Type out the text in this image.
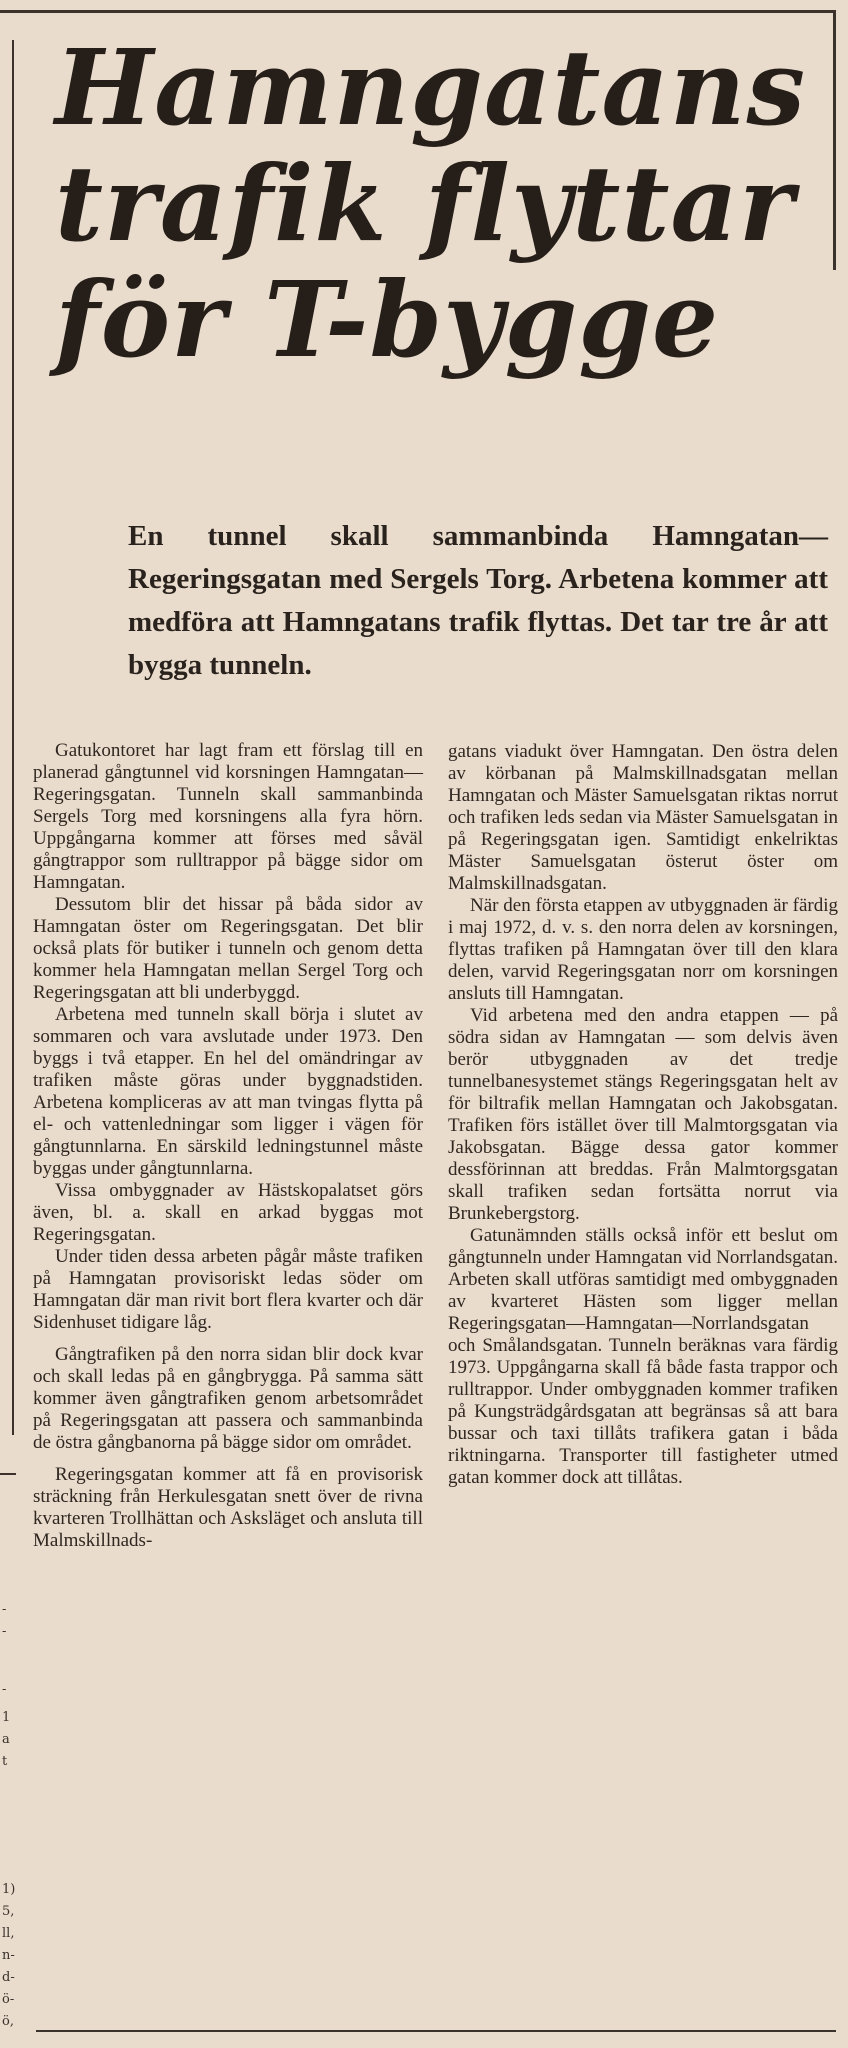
-
-
-
1
a
t
1)
5,
ll,
n-
d-
ö-
ö,
Hamngatans
trafik flyttar
för T-bygge

En tunnel skall sammanbinda Hamngatan—Regeringsgatan med Sergels Torg. Arbetena kommer att medföra att Hamngatans trafik flyttas. Det tar tre år att bygga tunneln.

Gatukontoret har lagt fram ett förslag till en planerad gångtunnel vid korsningen Hamngatan—Regeringsgatan. Tunneln skall sammanbinda Sergels Torg med korsningens alla fyra hörn. Uppgångarna kommer att förses med såväl gångtrappor som rulltrappor på bägge sidor om Hamngatan.

Dessutom blir det hissar på båda sidor av Hamngatan öster om Regeringsgatan. Det blir också plats för butiker i tunneln och genom detta kommer hela Hamngatan mellan Sergel Torg och Regeringsgatan att bli underbyggd.

Arbetena med tunneln skall börja i slutet av sommaren och vara avslutade under 1973. Den byggs i två etapper. En hel del omändringar av trafiken måste göras under byggnadstiden. Arbetena kompliceras av att man tvingas flytta på el- och vattenledningar som ligger i vägen för gångtunnlarna. En särskild ledningstunnel måste byggas under gångtunnlarna.

Vissa ombyggnader av Hästskopalatset görs även, bl. a. skall en arkad byggas mot Regeringsgatan.

Under tiden dessa arbeten pågår måste trafiken på Hamngatan provisoriskt ledas söder om Hamngatan där man rivit bort flera kvarter och där Sidenhuset tidigare låg.

Gångtrafiken på den norra sidan blir dock kvar och skall ledas på en gångbrygga. På samma sätt kommer även gångtrafiken genom arbetsområdet på Regeringsgatan att passera och sammanbinda de östra gångbanorna på bägge sidor om området.

Regeringsgatan kommer att få en provisorisk sträckning från Herkulesgatan snett över de rivna kvarteren Trollhättan och Asksläget och ansluta till Malmskillnads-

gatans viadukt över Hamngatan. Den östra delen av körbanan på Malmskillnadsgatan mellan Hamngatan och Mäster Samuelsgatan riktas norrut och trafiken leds sedan via Mäster Samuelsgatan in på Regeringsgatan igen. Samtidigt enkelriktas Mäster Samuelsgatan österut öster om Malmskillnadsgatan.

När den första etappen av utbyggnaden är färdig i maj 1972, d. v. s. den norra delen av korsningen, flyttas trafiken på Hamngatan över till den klara delen, varvid Regeringsgatan norr om korsningen ansluts till Hamngatan.

Vid arbetena med den andra etappen — på södra sidan av Hamngatan — som delvis även berör utbyggnaden av det tredje tunnelbanesystemet stängs Regeringsgatan helt av för biltrafik mellan Hamngatan och Jakobsgatan. Trafiken förs istället över till Malmtorgsgatan via Jakobsgatan. Bägge dessa gator kommer dessförinnan att breddas. Från Malmtorgsgatan skall trafiken sedan fortsätta norrut via Brunkebergstorg.

Gatunämnden ställs också inför ett beslut om gångtunneln under Hamngatan vid Norrlandsgatan. Arbeten skall utföras samtidigt med ombyggnaden av kvarteret Hästen som ligger mellan Regeringsgatan—Hamngatan—Norrlandsgatan och Smålandsgatan. Tunneln beräknas vara färdig 1973. Uppgångarna skall få både fasta trappor och rulltrappor. Under ombyggnaden kommer trafiken på Kungsträdgårdsgatan att begränsas så att bara bussar och taxi tillåts trafikera gatan i båda riktningarna. Transporter till fastigheter utmed gatan kommer dock att tillåtas.
